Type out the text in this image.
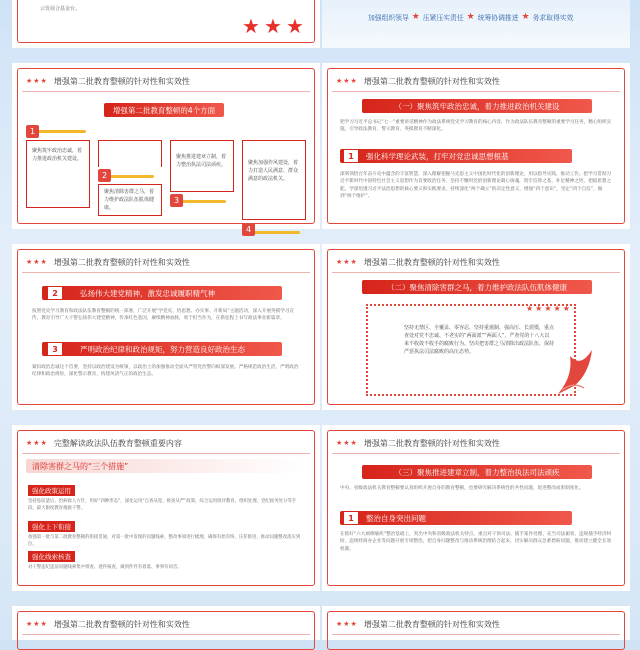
云发展合基金台。
★ ★ ★	加强组织领导 ★ 压紧压实责任 ★ 统筹协调推进 ★ 务求取得实效
★★★ 增强第二批教育整顿的针对性和实效性
增强第二批教育整顿的4个方面
1
聚焦筑牢政治忠诚，着力推进政治机关建设。
2
聚焦清除害群之马，着力维护政法队伍肌体健康。
3
聚焦推进建章立制，着力整治执法司法顽疾。
4
聚焦加强作风建设，着力打造人民满意、群众满意的政法机关。
★★★ 增强第二批教育整顿的针对性和实效性
（一）聚焦筑牢政治忠诚，着力推进政治机关建设
把学习习近平总书记“七一”重要讲话精神作为政法系统党史学习教育的核心内容，作为政法队伍教育整顿的重要学习任务，精心组织实施，引导政法教育、警示教育、英模教育不断深化。
强化科学理论武装，打牢对党忠诚思想根基
1
深刻领悟百年奋斗史中蕴含的丰富智慧，深入理解把握马克思主义中国化时代化的创新理论，用以指导实践、推动工作。把学习贯彻习近平新时代中国特色社会主义思想作为首要政治任务，坚持不懈用党的创新理论凝心铸魂，筑牢信仰之基，补足精神之钙，把稳思想之舵。学深悟透习近平法治思想的核心要义和实践要求，持续深化“两个确立”的决定性意义，增强“四个意识”，坚定“四个自信”，做到“两个维护”。
★★★ 增强第二批教育整顿的针对性和实效性
弘扬伟大建党精神，激发忠诚履职精气神
2
按照党史学习教育和政法队伍教育整顿的统一部署，广泛开展“学党史、悟思想、办实事、开新局”主题活动，深入开展英模学习宣传，教育引导广大干警弘扬伟大建党精神，传承红色基因，赓续精神血脉，勇于担当作为，在新征程上书写政法事业新篇章。
严明政治纪律和政治规矩，努力营造良好政治生态
3
紧扣政治忠诚这个首要，坚持以政治建设为统领，以政治上的加强推动全面从严管党治警向纵深发展。严格规范政治生活，严明政治纪律和政治规矩，深化警示教育，构建风清气正的政治生态。
★★★ 增强第二批教育整顿的针对性和实效性
（二）聚焦清除害群之马，着力维护政法队伍肌体健康
★★★★★
坚持无禁区、全覆盖、零容忍，坚持重遏制、强高压、长震慑，重点查处对党不忠诚、不老实的“两面派”“两面人”，严查党的十八大以来不收敛不收手的腐败行为。坚决把害群之马清除出政法队伍，保持严惩执法司法腐败的高压态势。
★★★ 完整解读政法队伍教育整顿重要内容
清除害群之马的“三个措施”
强化政策运用
坚持惩前毖后、治病救人方针，用好“四种形态”，深化运用“自查从宽、被查从严”政策，综合运用批评教育、组织处理、党纪政务处分等手段，最大限度教育挽救干警。
强化上下衔接
加强第一批与第二批教育整顿的衔接贯通，对第一批中发现的问题线索、整改事项进行梳理，确保有始有终、压茬推进，推动问题整改落实到位。
强化线索核查
对干警违纪违法问题线索集中排查、逐件核查，做到件件有着落、事事有回音。
★★★ 增强第二批教育整顿的针对性和实效性
（三）聚焦推进建章立制，着力整治执法司法顽疾
中央、省级政法机关教育整顿要认真组织开展自身的教育整顿，也要研究解决系统性的共性问题，促进整改成果制度化。
整治自身突出问题
1
在抓好“六大顽瘴痼疾”整治基础上，突出中央和省级政法机关特点，重点对干预司法、插手案件处理、充当司法掮客、违规插手经济纠纷、违规经商办企业等问题开展专项整治，把自身问题整改与推动系统治理结合起来，切实解决群众急难愁盼问题，推动建立健全长效机制。
★★★ 增强第二批教育整顿的针对性和实效性	★★★ 增强第二批教育整顿的针对性和实效性
